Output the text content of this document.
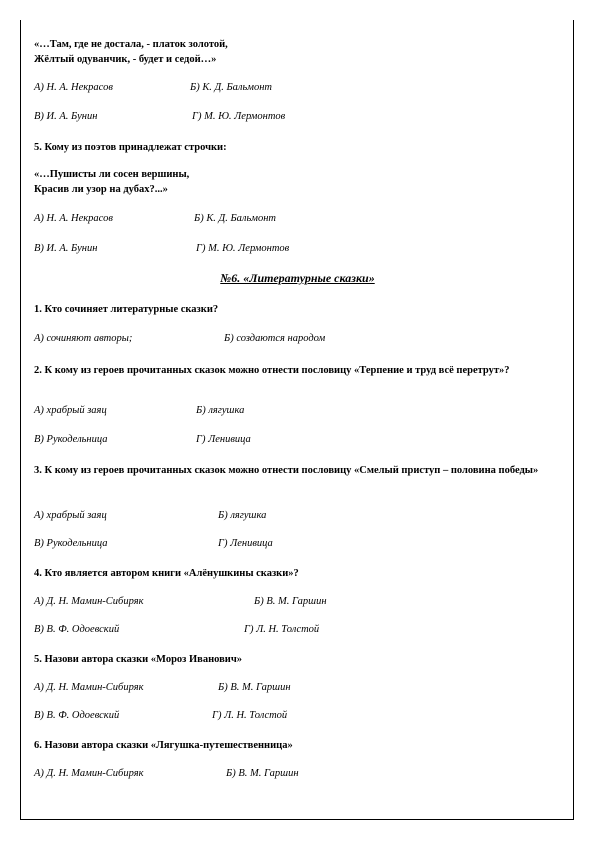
«…Там, где не достала, - платок золотой,
Жёлтый одуванчик, - будет и седой…»
А) Н. А. Некрасов	Б) К. Д. Бальмонт
В) И. А. Бунин	Г) М. Ю. Лермонтов
5. Кому из поэтов принадлежат строчки:
«…Пушисты ли сосен вершины,
Красив ли узор на дубах?...»
А) Н. А. Некрасов	Б) К. Д. Бальмонт
В) И. А. Бунин	Г) М. Ю. Лермонтов
№6. «Литературные сказки»
1. Кто сочиняет литературные сказки?
А) сочиняют авторы;	Б) создаются народом
2. К кому из героев прочитанных сказок можно отнести пословицу «Терпение и труд всё перетрут»?
А) храбрый заяц	Б) лягушка
В) Рукодельница	Г) Ленивица
3. К кому из героев прочитанных сказок можно отнести пословицу «Смелый приступ – половина победы»
А) храбрый заяц	Б) лягушка
В) Рукодельница	Г) Ленивица
4. Кто является автором книги «Алёнушкины сказки»?
А) Д. Н. Мамин-Сибиряк	Б) В. М. Гаршин
В) В. Ф. Одоевский	Г) Л. Н. Толстой
5. Назови автора сказки «Мороз Иванович»
А) Д. Н. Мамин-Сибиряк	Б) В. М. Гаршин
В) В. Ф. Одоевский	Г) Л. Н. Толстой
6. Назови автора сказки «Лягушка-путешественница»
А) Д. Н. Мамин-Сибиряк	Б) В. М. Гаршин
